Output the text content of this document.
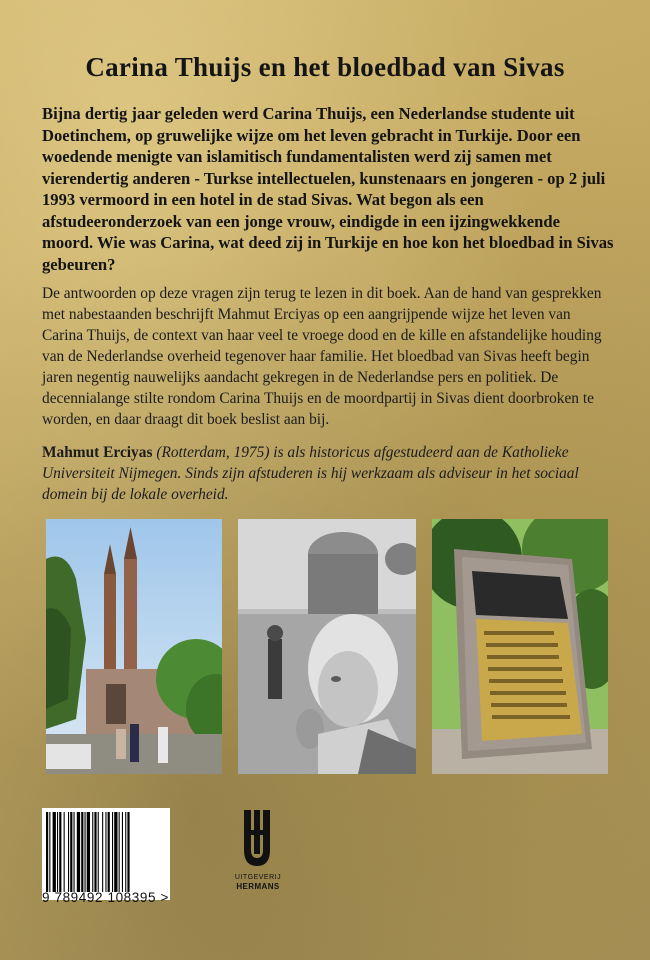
Carina Thuijs en het bloedbad van Sivas

Bijna dertig jaar geleden werd Carina Thuijs, een Nederlandse studente uit Doetinchem, op gruwelijke wijze om het leven gebracht in Turkije. Door een woedende menigte van islamitisch fundamentalisten werd zij samen met vierendertig anderen - Turkse intellectuelen, kunstenaars en jongeren - op 2 juli 1993 vermoord in een hotel in de stad Sivas. Wat begon als een afstudeeronderzoek van een jonge vrouw, eindigde in een ijzingwekkende moord. Wie was Carina, wat deed zij in Turkije en hoe kon het bloedbad in Sivas gebeuren?

De antwoorden op deze vragen zijn terug te lezen in dit boek. Aan de hand van gesprekken met nabestaanden beschrijft Mahmut Erciyas op een aangrijpende wijze het leven van Carina Thuijs, de context van haar veel te vroege dood en de kille en afstandelijke houding van de Nederlandse overheid tegenover haar familie. Het bloedbad van Sivas heeft begin jaren negentig nauwelijks aandacht gekregen in de Nederlandse pers en politiek. De decennialange stilte rondom Carina Thuijs en de moordpartij in Sivas dient doorbroken te worden, en daar draagt dit boek beslist aan bij.

Mahmut Erciyas (Rotterdam, 1975) is als historicus afgestudeerd aan de Katholieke Universiteit Nijmegen. Sinds zijn afstuderen is hij werkzaam als adviseur in het sociaal domein bij de lokale overheid.

9 789492 108395 >
UITGEVERIJ
HERMANS
